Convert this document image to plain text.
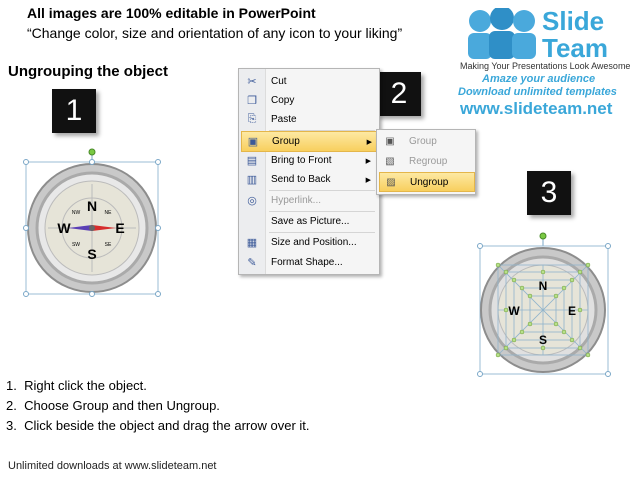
All images are 100% editable in PowerPoint
“Change color, size and orientation of any icon to your liking”
Ungrouping the object
Slide
Team
Making Your Presentations Look Awesome
Amaze your audience
Download unlimited templates
www.slideteam.net
1
2
3
N
S
E
W
NW	NE
SW	SE
✂	Cut
❐	Copy
⎘	Paste
▣	Group	▶
▤	Bring to Front	▶
▥	Send to Back	▶
◎	Hyperlink...
Save as Picture...
▦	Size and Position...
✎	Format Shape...
▣	Group
▧	Regroup
▨	Ungroup
N
S
E
W
1.  Right click the object.
2.  Choose Group and then Ungroup.
3.  Click beside the object and drag the arrow over it.
Unlimited downloads at www.slideteam.net
